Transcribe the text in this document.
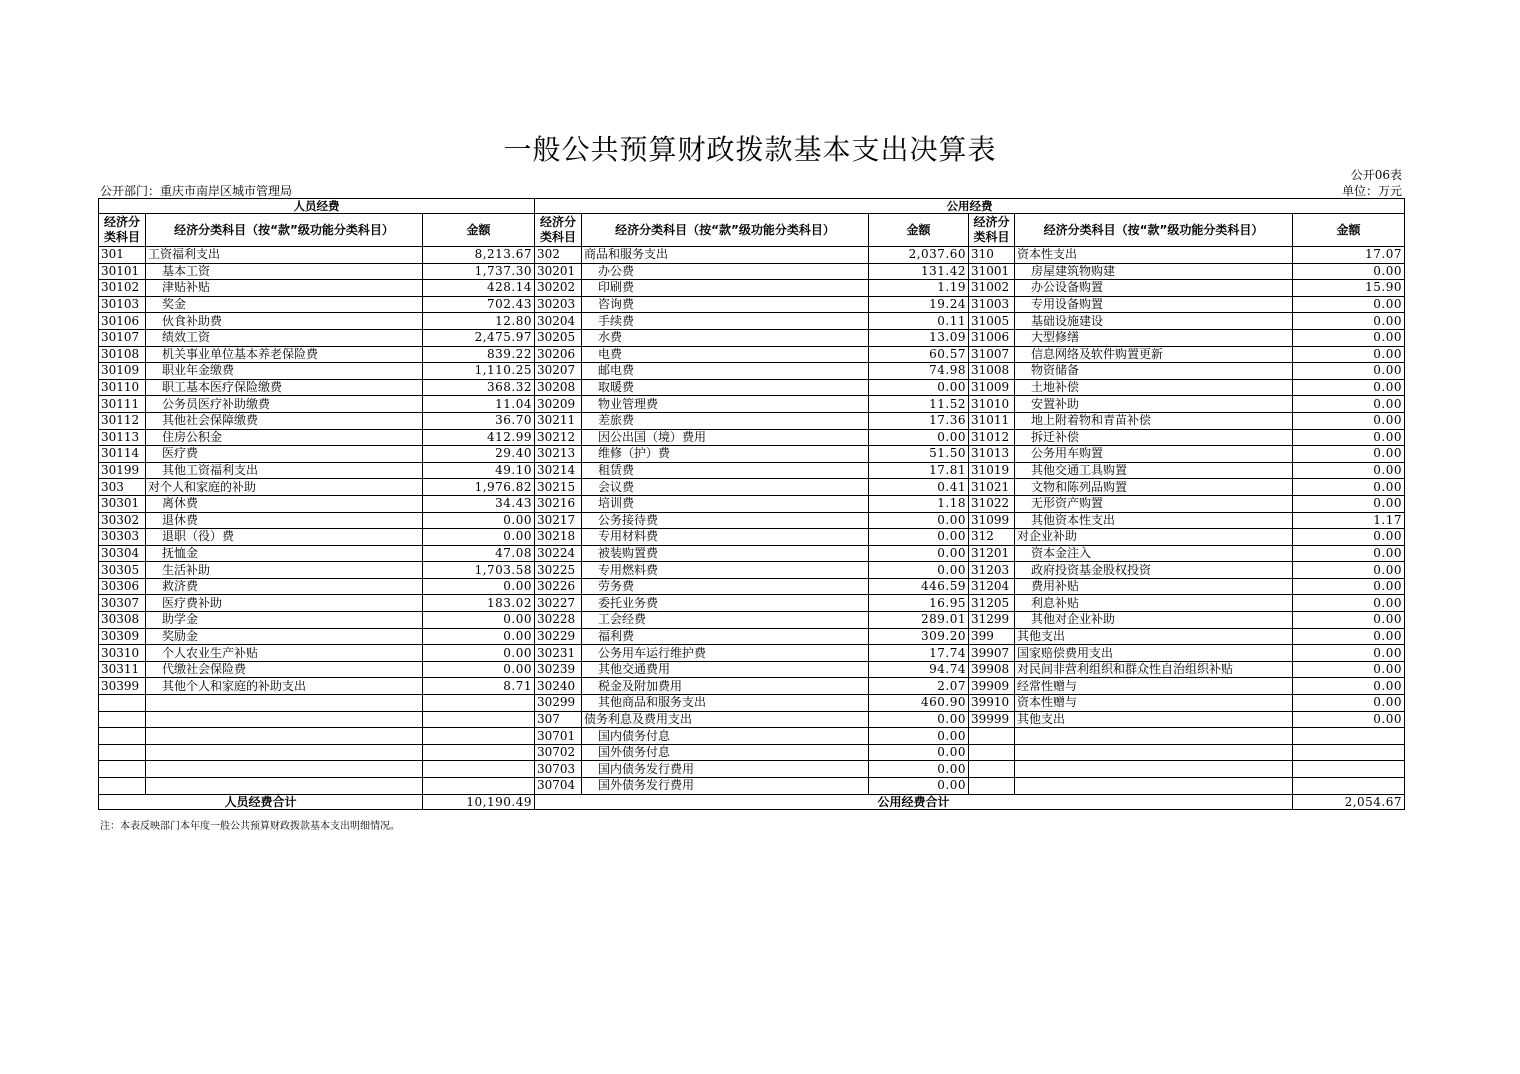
一般公共预算财政拨款基本支出决算表
公开06表
公开部门：重庆市南岸区城市管理局	单位：万元
人员经费			公用经费					
经济分类科目	经济分类科目（按“款”级功能分类科目）	金额	经济分类科目	经济分类科目（按“款”级功能分类科目）	金额	经济分类科目	经济分类科目（按“款”级功能分类科目）	金额
301	工资福利支出	8,213.67	302	商品和服务支出	2,037.60	310	资本性支出	17.07
30101	基本工资	1,737.30	30201	办公费	131.42	31001	房屋建筑物购建	0.00
30102	津贴补贴	428.14	30202	印刷费	1.19	31002	办公设备购置	15.90
30103	奖金	702.43	30203	咨询费	19.24	31003	专用设备购置	0.00
30106	伙食补助费	12.80	30204	手续费	0.11	31005	基础设施建设	0.00
30107	绩效工资	2,475.97	30205	水费	13.09	31006	大型修缮	0.00
30108	机关事业单位基本养老保险费	839.22	30206	电费	60.57	31007	信息网络及软件购置更新	0.00
30109	职业年金缴费	1,110.25	30207	邮电费	74.98	31008	物资储备	0.00
30110	职工基本医疗保险缴费	368.32	30208	取暖费	0.00	31009	土地补偿	0.00
30111	公务员医疗补助缴费	11.04	30209	物业管理费	11.52	31010	安置补助	0.00
30112	其他社会保障缴费	36.70	30211	差旅费	17.36	31011	地上附着物和青苗补偿	0.00
30113	住房公积金	412.99	30212	因公出国（境）费用	0.00	31012	拆迁补偿	0.00
30114	医疗费	29.40	30213	维修（护）费	51.50	31013	公务用车购置	0.00
30199	其他工资福利支出	49.10	30214	租赁费	17.81	31019	其他交通工具购置	0.00
303	对个人和家庭的补助	1,976.82	30215	会议费	0.41	31021	文物和陈列品购置	0.00
30301	离休费	34.43	30216	培训费	1.18	31022	无形资产购置	0.00
30302	退休费	0.00	30217	公务接待费	0.00	31099	其他资本性支出	1.17
30303	退职（役）费	0.00	30218	专用材料费	0.00	312	对企业补助	0.00
30304	抚恤金	47.08	30224	被装购置费	0.00	31201	资本金注入	0.00
30305	生活补助	1,703.58	30225	专用燃料费	0.00	31203	政府投资基金股权投资	0.00
30306	救济费	0.00	30226	劳务费	446.59	31204	费用补贴	0.00
30307	医疗费补助	183.02	30227	委托业务费	16.95	31205	利息补贴	0.00
30308	助学金	0.00	30228	工会经费	289.01	31299	其他对企业补助	0.00
30309	奖励金	0.00	30229	福利费	309.20	399	其他支出	0.00
30310	个人农业生产补贴	0.00	30231	公务用车运行维护费	17.74	39907	国家赔偿费用支出	0.00
30311	代缴社会保险费	0.00	30239	其他交通费用	94.74	39908	对民间非营利组织和群众性自治组织补贴	0.00
30399	其他个人和家庭的补助支出	8.71	30240	税金及附加费用	2.07	39909	经常性赠与	0.00
			30299	其他商品和服务支出	460.90	39910	资本性赠与	0.00
			307	债务利息及费用支出	0.00	39999	其他支出	0.00
			30701	国内债务付息	0.00			
			30702	国外债务付息	0.00			
			30703	国内债务发行费用	0.00			
			30704	国外债务发行费用	0.00			
人员经费合计		10,190.49	公用经费合计					2,054.67
注：本表反映部门本年度一般公共预算财政拨款基本支出明细情况。
